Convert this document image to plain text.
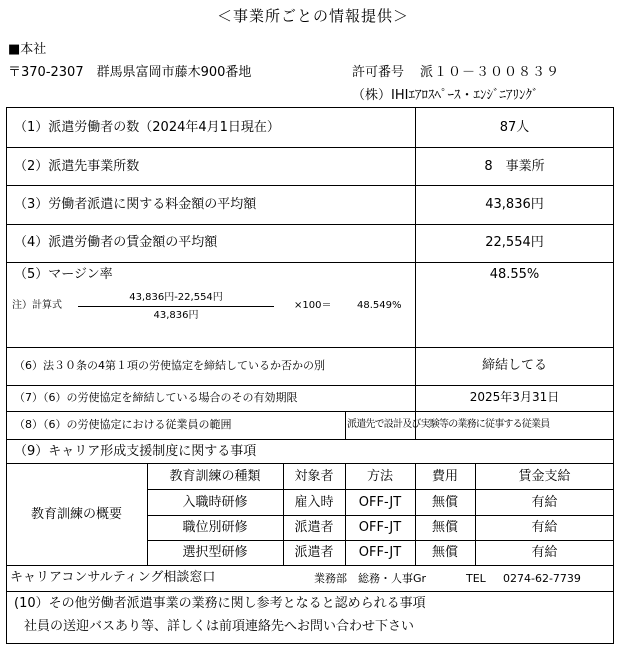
＜事業所ごとの情報提供＞
■本社
〒370-2307　群馬県富岡市藤木900番地	許可番号 派１０－３００８３９
（株）IHIｴｱﾛｽﾍﾟｰｽ・ｴﾝｼﾞﾆｱﾘﾝｸﾞ
（1）派遣労働者の数（2024年4月1日現在）	87人
（2）派遣先事業所数	8　事業所
（3）労働者派遣に関する料金額の平均額	43,836円
（4）派遣労働者の賃金額の平均額	22,554円
（5）マージン率	48.55%
注）計算式
43,836円-22,554円
43,836円
×100＝	48.549%
（6）法３０条の4第１項の労使協定を締結しているか否かの別	締結してる
（7）（6）の労使協定を締結している場合のその有効期限	2025年3月31日
（8）（6）の労使協定における従業員の範囲	派遣先で設計及び実験等の業務に従事する従業員
（9）キャリア形成支援制度に関する事項
教育訓練の概要
教育訓練の種類	対象者	方法	費用	賃金支給
入職時研修	雇入時	OFF-JT	無償	有給
職位別研修	派遣者	OFF-JT	無償	有給
選択型研修	派遣者	OFF-JT	無償	有給
キャリアコンサルティング相談窓口	業務部　総務・人事Gr	TEL 0274-62-7739
(10）その他労働者派遣事業の業務に関し参考となると認められる事項
社員の送迎バスあり等、詳しくは前項連絡先へお問い合わせ下さい
